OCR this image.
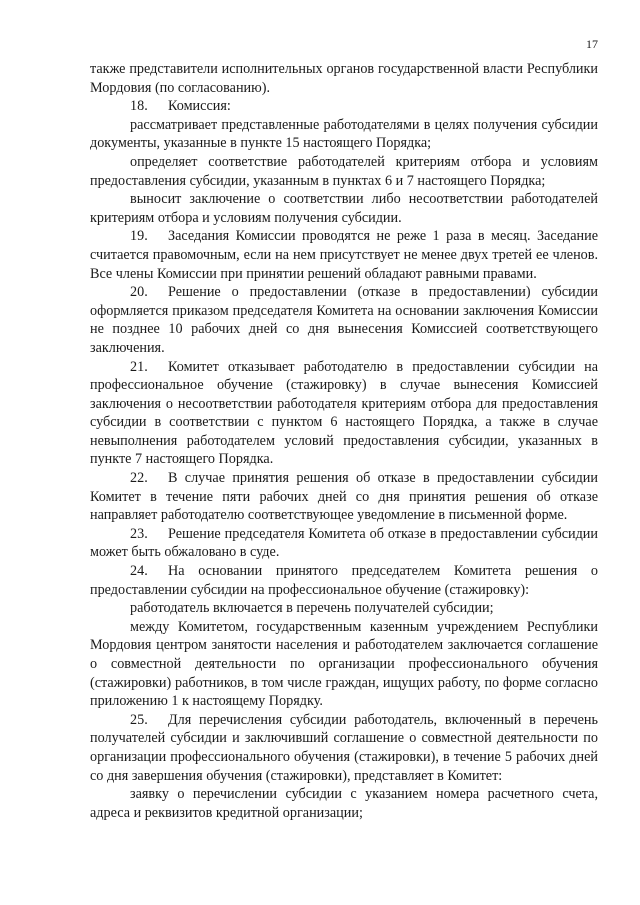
17

также представители исполнительных органов государственной власти Республики Мордовия (по согласованию).

18. Комиссия:

рассматривает представленные работодателями в целях получения субсидии документы, указанные в пункте 15 настоящего Порядка;

определяет соответствие работодателей критериям отбора и условиям предоставления субсидии, указанным в пунктах 6 и 7 настоящего Порядка;

выносит заключение о соответствии либо несоответствии работодателей критериям отбора и условиям получения субсидии.

19. Заседания Комиссии проводятся не реже 1 раза в месяц. Заседание считается правомочным, если на нем присутствует не менее двух третей ее членов. Все члены Комиссии при принятии решений обладают равными правами.

20. Решение о предоставлении (отказе в предоставлении) субсидии оформляется приказом председателя Комитета на основании заключения Комиссии не позднее 10 рабочих дней со дня вынесения Комиссией соответствующего заключения.

21. Комитет отказывает работодателю в предоставлении субсидии на профессиональное обучение (стажировку) в случае вынесения Комиссией заключения о несоответствии работодателя критериям отбора для предоставления субсидии в соответствии с пунктом 6 настоящего Порядка, а также в случае невыполнения работодателем условий предоставления субсидии, указанных в пункте 7 настоящего Порядка.

22. В случае принятия решения об отказе в предоставлении субсидии Комитет в течение пяти рабочих дней со дня принятия решения об отказе направляет работодателю соответствующее уведомление в письменной форме.

23. Решение председателя Комитета об отказе в предоставлении субсидии может быть обжаловано в суде.

24. На основании принятого председателем Комитета решения о предоставлении субсидии на профессиональное обучение (стажировку):

работодатель включается в перечень получателей субсидии;

между Комитетом, государственным казенным учреждением Республики Мордовия центром занятости населения и работодателем заключается соглашение о совместной деятельности по организации профессионального обучения (стажировки) работников, в том числе граждан, ищущих работу, по форме согласно приложению 1 к настоящему Порядку.

25. Для перечисления субсидии работодатель, включенный в перечень получателей субсидии и заключивший соглашение о совместной деятельности по организации профессионального обучения (стажировки), в течение 5 рабочих дней со дня завершения обучения (стажировки), представляет в Комитет:

заявку о перечислении субсидии с указанием номера расчетного счета, адреса и реквизитов кредитной организации;
